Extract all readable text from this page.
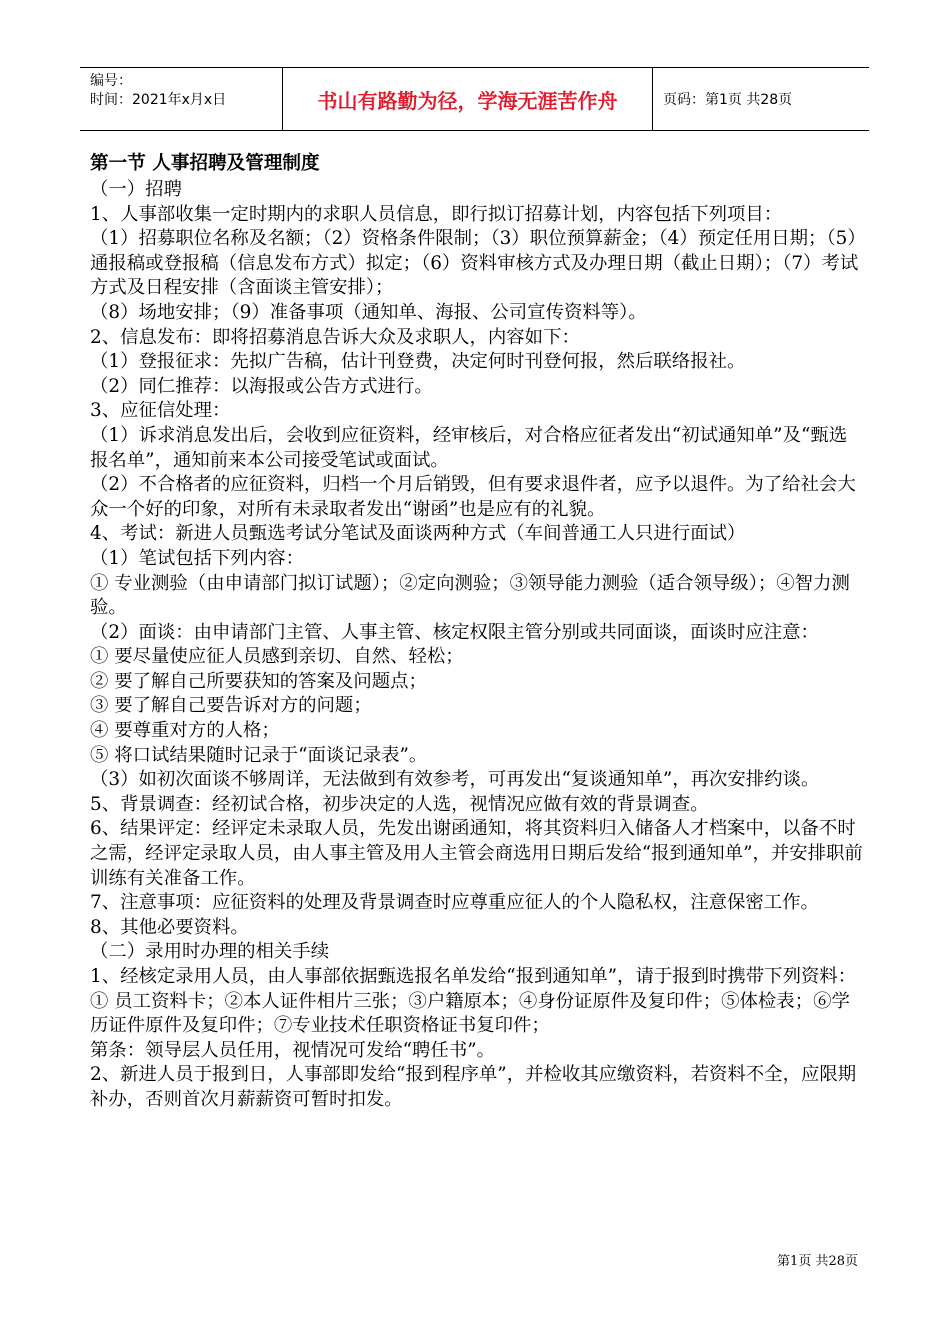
编号：
时间：2021年x月x日	书山有路勤为径，学海无涯苦作舟	页码：第1页 共28页

第一节 人事招聘及管理制度

（一）招聘

1、人事部收集一定时期内的求职人员信息，即行拟订招募计划，内容包括下列项目：

（1）招募职位名称及名额；（2）资格条件限制；（3）职位预算薪金；（4）预定任用日期；（5）通报稿或登报稿（信息发布方式）拟定；（6）资料审核方式及办理日期（截止日期）；（7）考试方式及日程安排（含面谈主管安排）；

（8）场地安排；（9）准备事项（通知单、海报、公司宣传资料等）。

2、信息发布：即将招募消息告诉大众及求职人，内容如下：

（1）登报征求：先拟广告稿，估计刊登费，决定何时刊登何报，然后联络报社。

（2）同仁推荐：以海报或公告方式进行。

3、应征信处理：

（1）诉求消息发出后，会收到应征资料，经审核后，对合格应征者发出“初试通知单”及“甄选报名单”，通知前来本公司接受笔试或面试。

（2）不合格者的应征资料，归档一个月后销毁，但有要求退件者，应予以退件。为了给社会大众一个好的印象，对所有未录取者发出“谢函”也是应有的礼貌。

4、考试：新进人员甄选考试分笔试及面谈两种方式（车间普通工人只进行面试）

（1）笔试包括下列内容：

① 专业测验（由申请部门拟订试题）；②定向测验；③领导能力测验（适合领导级）；④智力测验。

（2）面谈：由申请部门主管、人事主管、核定权限主管分别或共同面谈，面谈时应注意：

① 要尽量使应征人员感到亲切、自然、轻松；

② 要了解自己所要获知的答案及问题点；

③ 要了解自己要告诉对方的问题；

④ 要尊重对方的人格；

⑤ 将口试结果随时记录于“面谈记录表”。

（3）如初次面谈不够周详，无法做到有效参考，可再发出“复谈通知单”，再次安排约谈。

5、背景调查：经初试合格，初步决定的人选，视情况应做有效的背景调查。

6、结果评定：经评定未录取人员，先发出谢函通知，将其资料归入储备人才档案中，以备不时之需，经评定录取人员，由人事主管及用人主管会商选用日期后发给“报到通知单”，并安排职前训练有关准备工作。

7、注意事项：应征资料的处理及背景调查时应尊重应征人的个人隐私权，注意保密工作。

8、其他必要资料。

（二）录用时办理的相关手续

1、经核定录用人员，由人事部依据甄选报名单发给“报到通知单”，请于报到时携带下列资料：

① 员工资料卡；②本人证件相片三张；③户籍原本；④身份证原件及复印件；⑤体检表；⑥学历证件原件及复印件；⑦专业技术任职资格证书复印件；

第条：领导层人员任用，视情况可发给“聘任书”。

2、新进人员于报到日，人事部即发给“报到程序单”，并检收其应缴资料，若资料不全，应限期补办，否则首次月薪薪资可暂时扣发。

第1页 共28页
